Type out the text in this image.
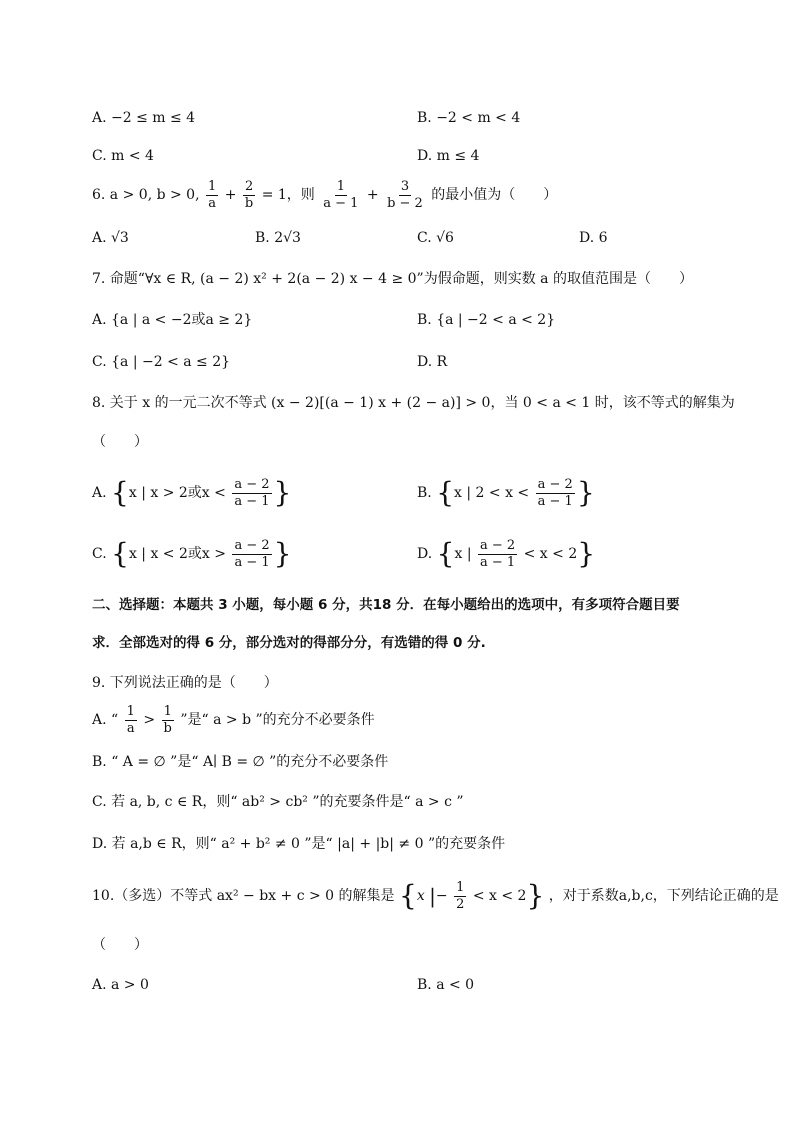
A. −2 ≤ m ≤ 4	B. −2 < m < 4
C. m < 4	D. m ≤ 4
6. a > 0, b > 0, $\frac{1}{a} + \frac{2}{b} = 1$，则 $\frac{1}{a - 1} + \frac{3}{b - 2}$ 的最小值为（　　）
A. √3	B. 2√3	C. √6	D. 6
7. 命题“∀x ∈ R, (a − 2) x² + 2(a − 2) x − 4 ≥ 0”为假命题，则实数 a 的取值范围是（　　）
A. {a | a < −2或a ≥ 2}	B. {a | −2 < a < 2}
C. {a | −2 < a ≤ 2}	D. R
8. 关于 x 的一元二次不等式 (x − 2)[(a − 1) x + (2 − a)] > 0，当 0 < a < 1 时，该不等式的解集为
（　　）
A. {x | x > 2或$x < \frac{a - 2}{a - 1}$ }	B. {x | $2 < x < \frac{a - 2}{a - 1}$ }
C. {x | x < 2或$x > \frac{a - 2}{a - 1}$ }	D. {x | $\frac{a - 2}{a - 1} < x < 2$}
二、选择题：本题共 3 小题，每小题 6 分，共18 分．在每小题给出的选项中，有多项符合题目要
求．全部选对的得 6 分，部分选对的得部分分，有选错的得 0 分.
9. 下列说法正确的是（　　）
A. “ $\frac{1}{a} > \frac{1}{b}$ ”是“ a > b ”的充分不必要条件
B. “ A = ∅ ”是“ A∣ B = ∅ ”的充分不必要条件
C. 若 a, b, c ∈ R，则“ ab² > cb² ”的充要条件是“ a > c ”
D. 若 a,b ∈ R，则“ a² + b² ≠ 0 ”是“ |a| + |b| ≠ 0 ”的充要条件
10.（多选）不等式 ax² − bx + c > 0 的解集是 {x |− $\frac{1}{2} < x < 2$} ，对于系数a,b,c，下列结论正确的是
（　　）
A. a > 0	B. a < 0
